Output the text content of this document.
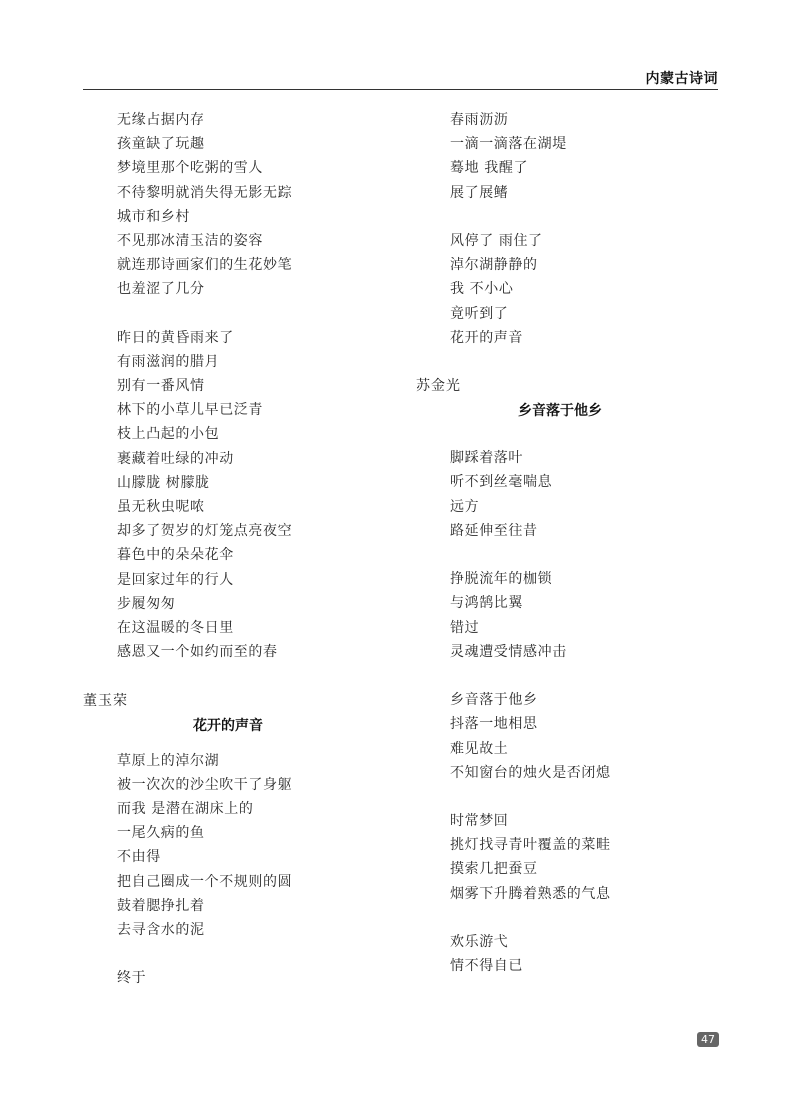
内蒙古诗词
无缘占据内存
孩童缺了玩趣
梦境里那个吃粥的雪人
不待黎明就消失得无影无踪
城市和乡村
不见那冰清玉洁的姿容
就连那诗画家们的生花妙笔
也羞涩了几分
昨日的黄昏雨来了
有雨滋润的腊月
别有一番风情
林下的小草儿早已泛青
枝上凸起的小包
裹藏着吐绿的冲动
山朦胧 树朦胧
虽无秋虫呢哝
却多了贺岁的灯笼点亮夜空
暮色中的朵朵花伞
是回家过年的行人
步履匆匆
在这温暖的冬日里
感恩又一个如约而至的春
董玉荣
花开的声音
草原上的淖尔湖
被一次次的沙尘吹干了身躯
而我 是潜在湖床上的
一尾久病的鱼
不由得
把自己圈成一个不规则的圆
鼓着腮挣扎着
去寻含水的泥
终于
春雨沥沥
一滴一滴落在湖堤
蓦地 我醒了
展了展鳍
风停了 雨住了
淖尔湖静静的
我 不小心
竟听到了
花开的声音
苏金光
乡音落于他乡
脚踩着落叶
听不到丝毫喘息
远方
路延伸至往昔
挣脱流年的枷锁
与鸿鹄比翼
错过
灵魂遭受情感冲击
乡音落于他乡
抖落一地相思
难见故土
不知窗台的烛火是否闭熄
时常梦回
挑灯找寻青叶覆盖的菜畦
摸索几把蚕豆
烟雾下升腾着熟悉的气息
欢乐游弋
情不得自已
47
